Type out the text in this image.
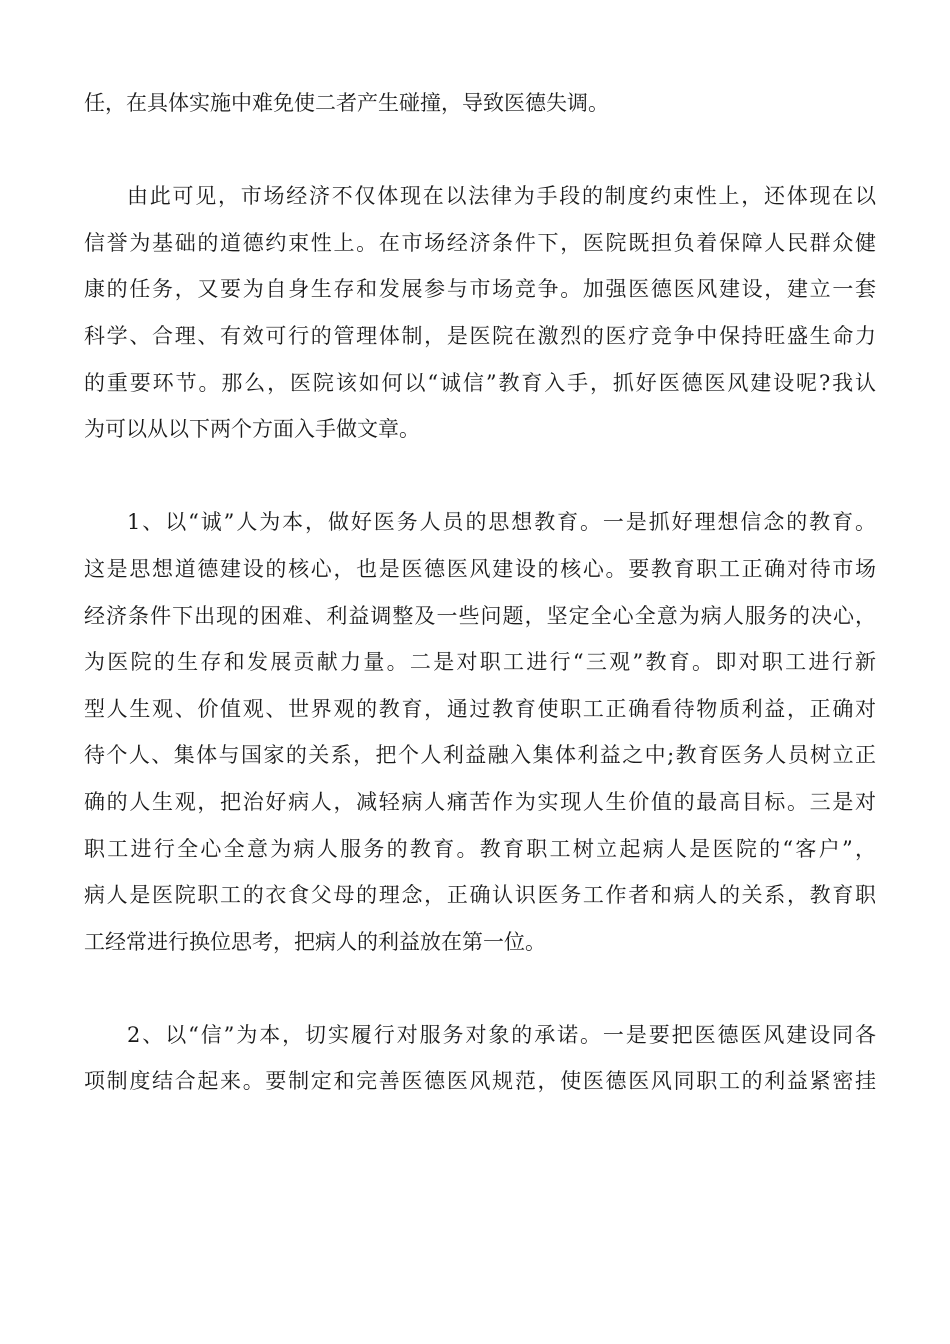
任，在具体实施中难免使二者产生碰撞，导致医德失调。
由此可见，市场经济不仅体现在以法律为手段的制度约束性上，还体现在以
信誉为基础的道德约束性上。在市场经济条件下，医院既担负着保障人民群众健
康的任务，又要为自身生存和发展参与市场竞争。加强医德医风建设，建立一套
科学、合理、有效可行的管理体制，是医院在激烈的医疗竞争中保持旺盛生命力
的重要环节。那么，医院该如何以“诚信”教育入手，抓好医德医风建设呢?我认
为可以从以下两个方面入手做文章。
1、以“诚”人为本，做好医务人员的思想教育。一是抓好理想信念的教育。
这是思想道德建设的核心，也是医德医风建设的核心。要教育职工正确对待市场
经济条件下出现的困难、利益调整及一些问题，坚定全心全意为病人服务的决心，
为医院的生存和发展贡献力量。二是对职工进行“三观”教育。即对职工进行新
型人生观、价值观、世界观的教育，通过教育使职工正确看待物质利益，正确对
待个人、集体与国家的关系，把个人利益融入集体利益之中;教育医务人员树立正
确的人生观，把治好病人，减轻病人痛苦作为实现人生价值的最高目标。三是对
职工进行全心全意为病人服务的教育。教育职工树立起病人是医院的“客户”，
病人是医院职工的衣食父母的理念，正确认识医务工作者和病人的关系，教育职
工经常进行换位思考，把病人的利益放在第一位。
2、以“信”为本，切实履行对服务对象的承诺。一是要把医德医风建设同各
项制度结合起来。要制定和完善医德医风规范，使医德医风同职工的利益紧密挂
